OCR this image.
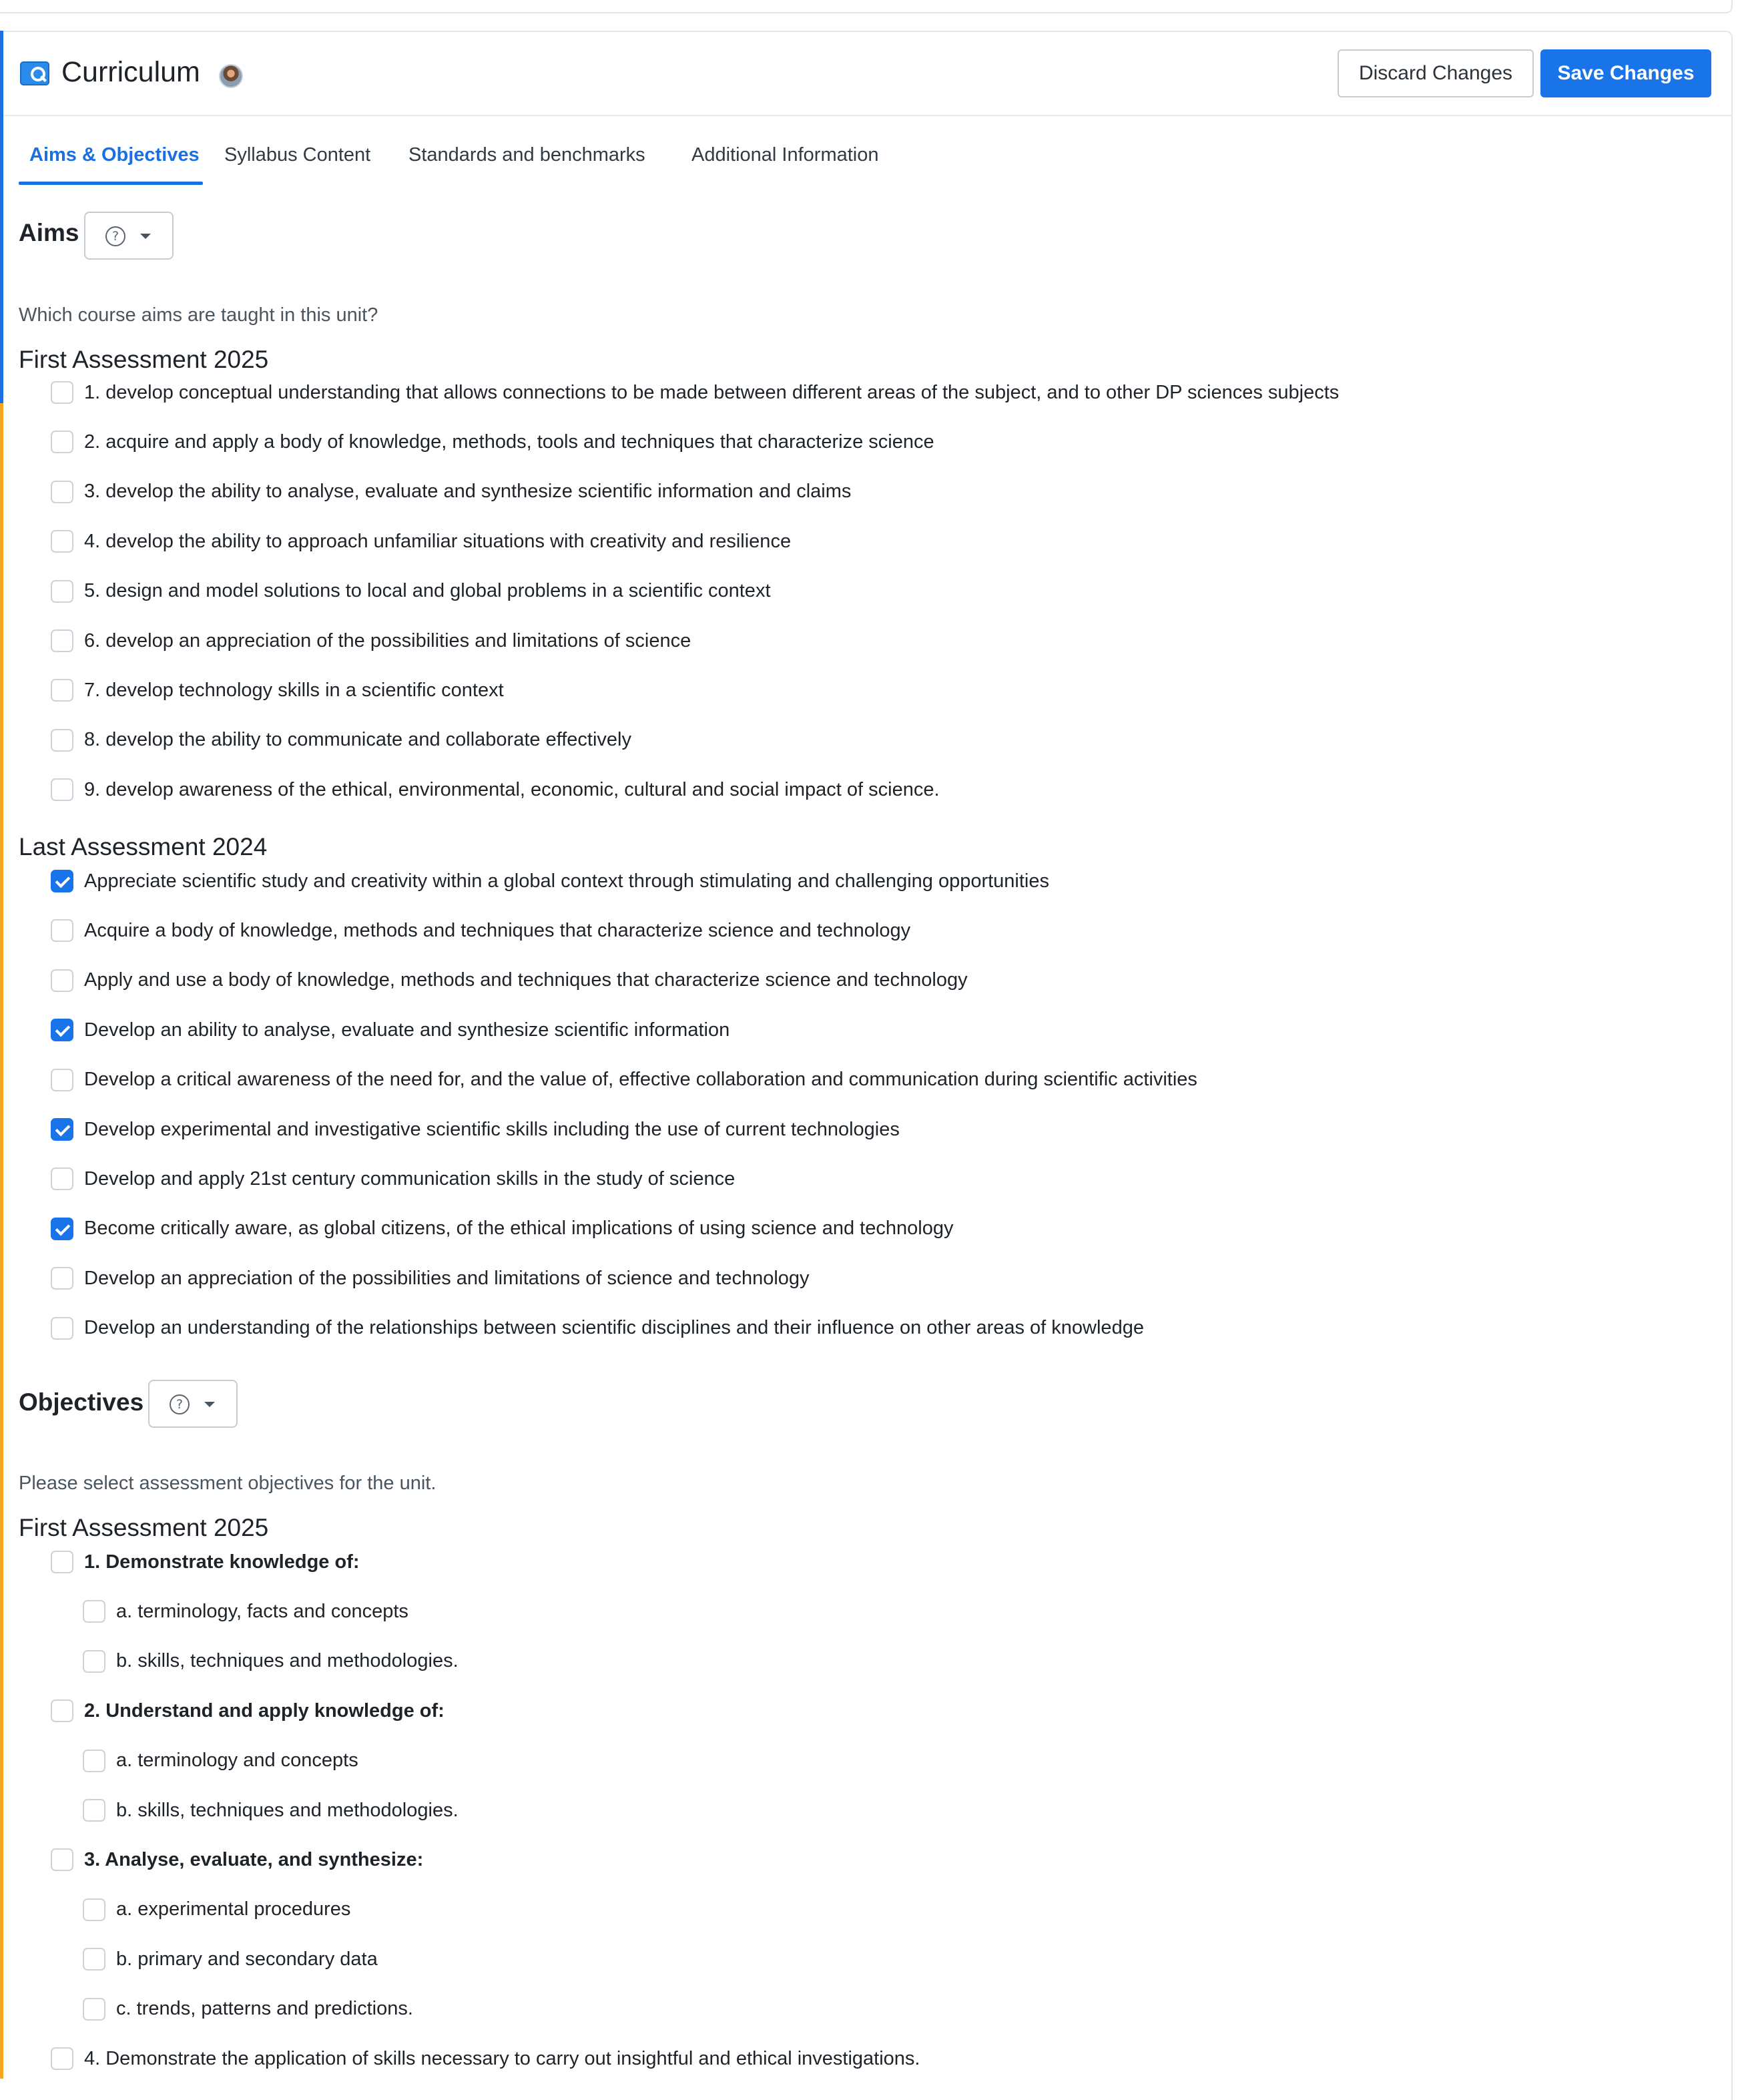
Curriculum	Discard Changes	Save Changes
Aims & Objectives Syllabus Content Standards and benchmarks Additional Information
Aims	?
Which course aims are taught in this unit?
First Assessment 2025
1. develop conceptual understanding that allows connections to be made between different areas of the subject, and to other DP sciences subjects
2. acquire and apply a body of knowledge, methods, tools and techniques that characterize science
3. develop the ability to analyse, evaluate and synthesize scientific information and claims
4. develop the ability to approach unfamiliar situations with creativity and resilience
5. design and model solutions to local and global problems in a scientific context
6. develop an appreciation of the possibilities and limitations of science
7. develop technology skills in a scientific context
8. develop the ability to communicate and collaborate effectively
9. develop awareness of the ethical, environmental, economic, cultural and social impact of science.
Last Assessment 2024
Appreciate scientific study and creativity within a global context through stimulating and challenging opportunities
Acquire a body of knowledge, methods and techniques that characterize science and technology
Apply and use a body of knowledge, methods and techniques that characterize science and technology
Develop an ability to analyse, evaluate and synthesize scientific information
Develop a critical awareness of the need for, and the value of, effective collaboration and communication during scientific activities
Develop experimental and investigative scientific skills including the use of current technologies
Develop and apply 21st century communication skills in the study of science
Become critically aware, as global citizens, of the ethical implications of using science and technology
Develop an appreciation of the possibilities and limitations of science and technology
Develop an understanding of the relationships between scientific disciplines and their influence on other areas of knowledge
Objectives	?
Please select assessment objectives for the unit.
First Assessment 2025
1. Demonstrate knowledge of:
a. terminology, facts and concepts
b. skills, techniques and methodologies.
2. Understand and apply knowledge of:
a. terminology and concepts
b. skills, techniques and methodologies.
3. Analyse, evaluate, and synthesize:
a. experimental procedures
b. primary and secondary data
c. trends, patterns and predictions.
4. Demonstrate the application of skills necessary to carry out insightful and ethical investigations.
